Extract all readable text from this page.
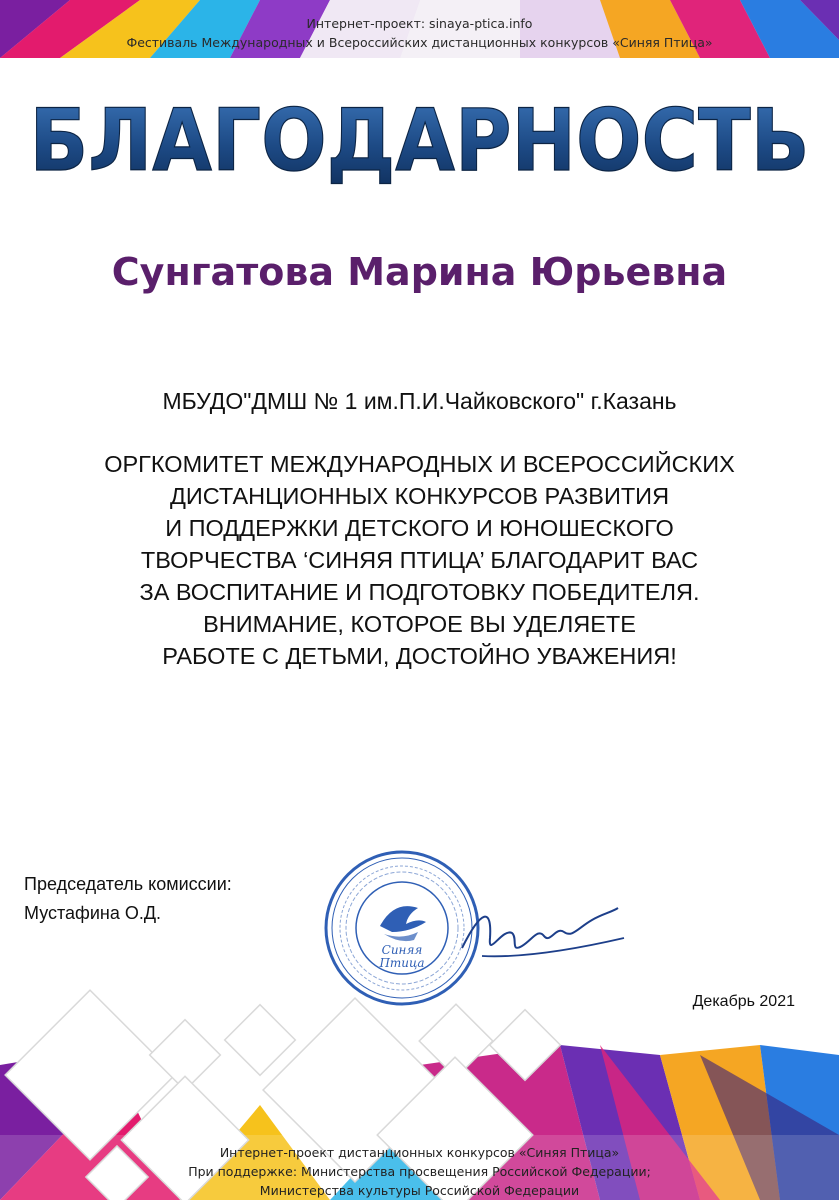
Интернет-проект: sinaya-ptica.info
Фестиваль Международных и Всероссийских дистанционных конкурсов «Синяя Птица»
БЛАГОДАРНОСТЬ
Сунгатова Марина Юрьевна
МБУДО"ДМШ № 1 им.П.И.Чайковского" г.Казань
ОРГКОМИТЕТ МЕЖДУНАРОДНЫХ И ВСЕРОССИЙСКИХ
ДИСТАНЦИОННЫХ КОНКУРСОВ РАЗВИТИЯ
И ПОДДЕРЖКИ ДЕТСКОГО И ЮНОШЕСКОГО
ТВОРЧЕСТВА ‘СИНЯЯ ПТИЦА’ БЛАГОДАРИТ ВАС
ЗА ВОСПИТАНИЕ И ПОДГОТОВКУ ПОБЕДИТЕЛЯ.
ВНИМАНИЕ, КОТОРОЕ ВЫ УДЕЛЯЕТЕ
РАБОТЕ С ДЕТЬМИ, ДОСТОЙНО УВАЖЕНИЯ!
Председатель комиссии:
Мустафина О.Д.
Синяя
Птица
Декабрь 2021
Интернет-проект дистанционных конкурсов «Синяя Птица»
При поддержке: Министерства просвещения Российской Федерации;
Министерства культуры Российской Федерации
